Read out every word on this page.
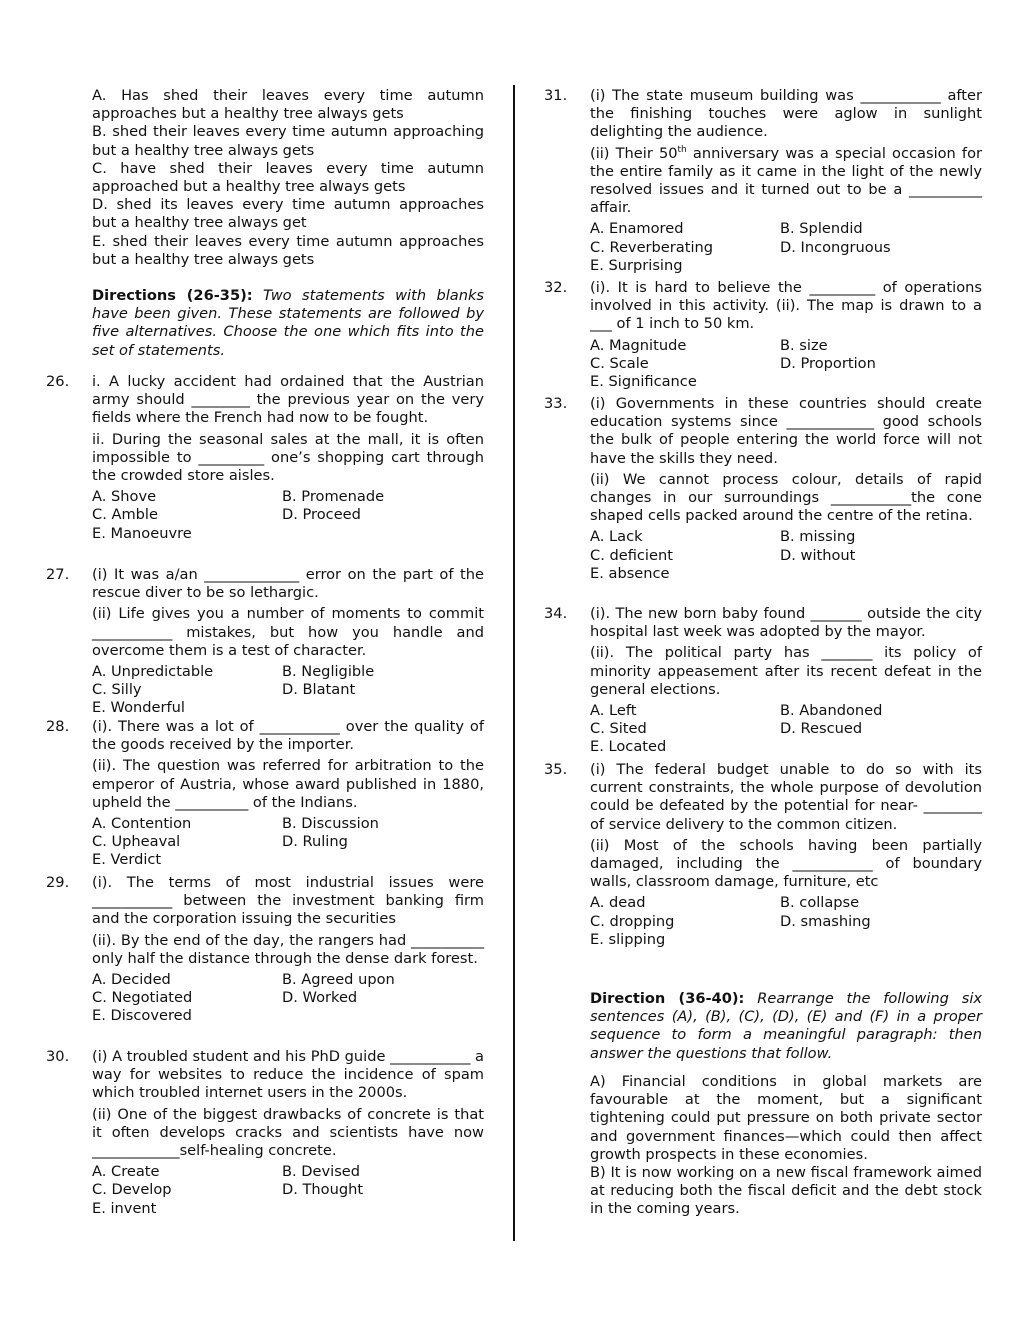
A. Has shed their leaves every time autumn approaches but a healthy tree always gets
B. shed their leaves every time autumn approaching but a healthy tree always gets
C. have shed their leaves every time autumn approached but a healthy tree always gets
D. shed its leaves every time autumn approaches but a healthy tree always get
E. shed their leaves every time autumn approaches but a healthy tree always gets
Directions (26-35): Two statements with blanks have been given. These statements are followed by five alternatives. Choose the one which fits into the set of statements.
26. i. A lucky accident had ordained that the Austrian army should ________ the previous year on the very fields where the French had now to be fought.
ii. During the seasonal sales at the mall, it is often impossible to _________ one’s shopping cart through the crowded store aisles.
A. Shove	B. Promenade
C. Amble	D. Proceed
E. Manoeuvre
27. (i) It was a/an _____________ error on the part of the rescue diver to be so lethargic.
(ii) Life gives you a number of moments to commit ___________ mistakes, but how you handle and overcome them is a test of character.
A. Unpredictable	B. Negligible
C. Silly	D. Blatant
E. Wonderful
28. (i). There was a lot of ___________ over the quality of the goods received by the importer.
(ii). The question was referred for arbitration to the emperor of Austria, whose award published in 1880, upheld the __________ of the Indians.
A. Contention	B. Discussion
C. Upheaval	D. Ruling
E. Verdict
29. (i). The terms of most industrial issues were ___________ between the investment banking firm and the corporation issuing the securities
(ii). By the end of the day, the rangers had __________ only half the distance through the dense dark forest.
A. Decided	B. Agreed upon
C. Negotiated	D. Worked
E. Discovered
30. (i) A troubled student and his PhD guide ___________ a way for websites to reduce the incidence of spam which troubled internet users in the 2000s.
(ii) One of the biggest drawbacks of concrete is that it often develops cracks and scientists have now ____________self-healing concrete.
A. Create	B. Devised
C. Develop	D. Thought
E. invent
31. (i) The state museum building was ___________ after the finishing touches were aglow in sunlight delighting the audience.
(ii) Their 50th anniversary was a special occasion for the entire family as it came in the light of the newly resolved issues and it turned out to be a __________ affair.
A. Enamored	B. Splendid
C. Reverberating	D. Incongruous
E. Surprising
32. (i). It is hard to believe the _________ of operations involved in this activity. (ii). The map is drawn to a ___ of 1 inch to 50 km.
A. Magnitude	B. size
C. Scale	D. Proportion
E. Significance
33. (i) Governments in these countries should create education systems since ____________ good schools the bulk of people entering the world force will not have the skills they need.
(ii) We cannot process colour, details of rapid changes in our surroundings ___________the cone shaped cells packed around the centre of the retina.
A. Lack	B. missing
C. deficient	D. without
E. absence
34. (i). The new born baby found _______ outside the city hospital last week was adopted by the mayor.
(ii). The political party has _______ its policy of minority appeasement after its recent defeat in the general elections.
A. Left	B. Abandoned
C. Sited	D. Rescued
E. Located
35. (i) The federal budget unable to do so with its current constraints, the whole purpose of devolution could be defeated by the potential for near- ________ of service delivery to the common citizen.
(ii) Most of the schools having been partially damaged, including the ___________ of boundary walls, classroom damage, furniture, etc
A. dead	B. collapse
C. dropping	D. smashing
E. slipping
Direction (36-40): Rearrange the following six sentences (A), (B), (C), (D), (E) and (F) in a proper sequence to form a meaningful paragraph: then answer the questions that follow.
A) Financial conditions in global markets are favourable at the moment, but a significant tightening could put pressure on both private sector and government finances—which could then affect growth prospects in these economies.
B) It is now working on a new fiscal framework aimed at reducing both the fiscal deficit and the debt stock in the coming years.
